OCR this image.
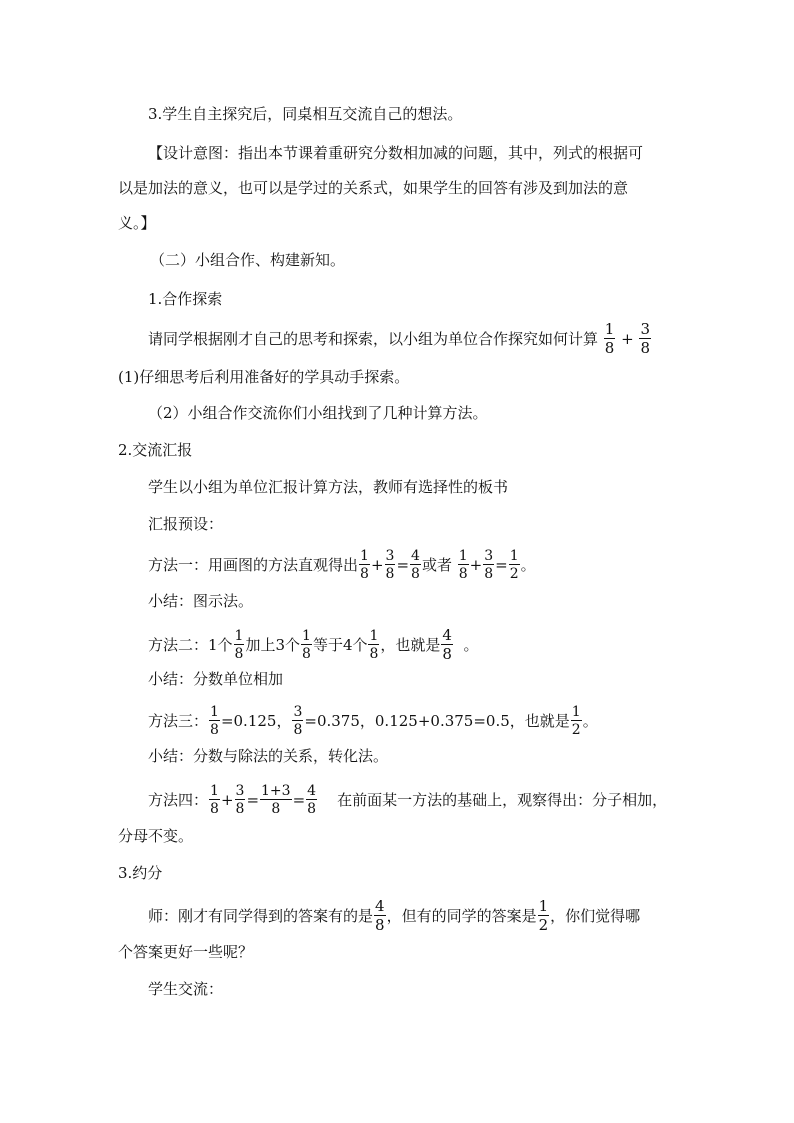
3.学生自主探究后，同桌相互交流自己的想法。
【设计意图：指出本节课着重研究分数相加减的问题，其中，列式的根据可
以是加法的意义，也可以是学过的关系式，如果学生的回答有涉及到加法的意
义。】
（二）小组合作、构建新知。
1.合作探索
请同学根据刚才自己的思考和探索，以小组为单位合作探究如何计算 $\frac{1}{8} + \frac{3}{8}$
(1)仔细思考后利用准备好的学具动手探索。
（2）小组合作交流你们小组找到了几种计算方法。
2.交流汇报
学生以小组为单位汇报计算方法，教师有选择性的板书
汇报预设：
方法一：用画图的方法直观得出 $\frac{1}{8} + \frac{3}{8} = \frac{4}{8}$ 或者 $\frac{1}{8} + \frac{3}{8} = \frac{1}{2}$ 。
小结：图示法。
方法二：1个 $\frac{1}{8}$ 加上3个 $\frac{1}{8}$ 等于4个 $\frac{1}{8}$ ，也就是 $\frac{4}{8}$ 。
小结：分数单位相加
方法三： $\frac{1}{8} =0.125$， $\frac{3}{8} =0.375$，0.125+0.375=0.5，也就是 $\frac{1}{2}$ 。
小结：分数与除法的关系，转化法。
方法四： $\frac{1}{8} + \frac{3}{8} = \frac{1+3}{8} = \frac{4}{8}$ 在前面某一方法的基础上，观察得出：分子相加，
分母不变。
3.约分
师：刚才有同学得到的答案有的是 $\frac{4}{8}$ ，但有的同学的答案是 $\frac{1}{2}$ ，你们觉得哪
个答案更好一些呢？
学生交流：
